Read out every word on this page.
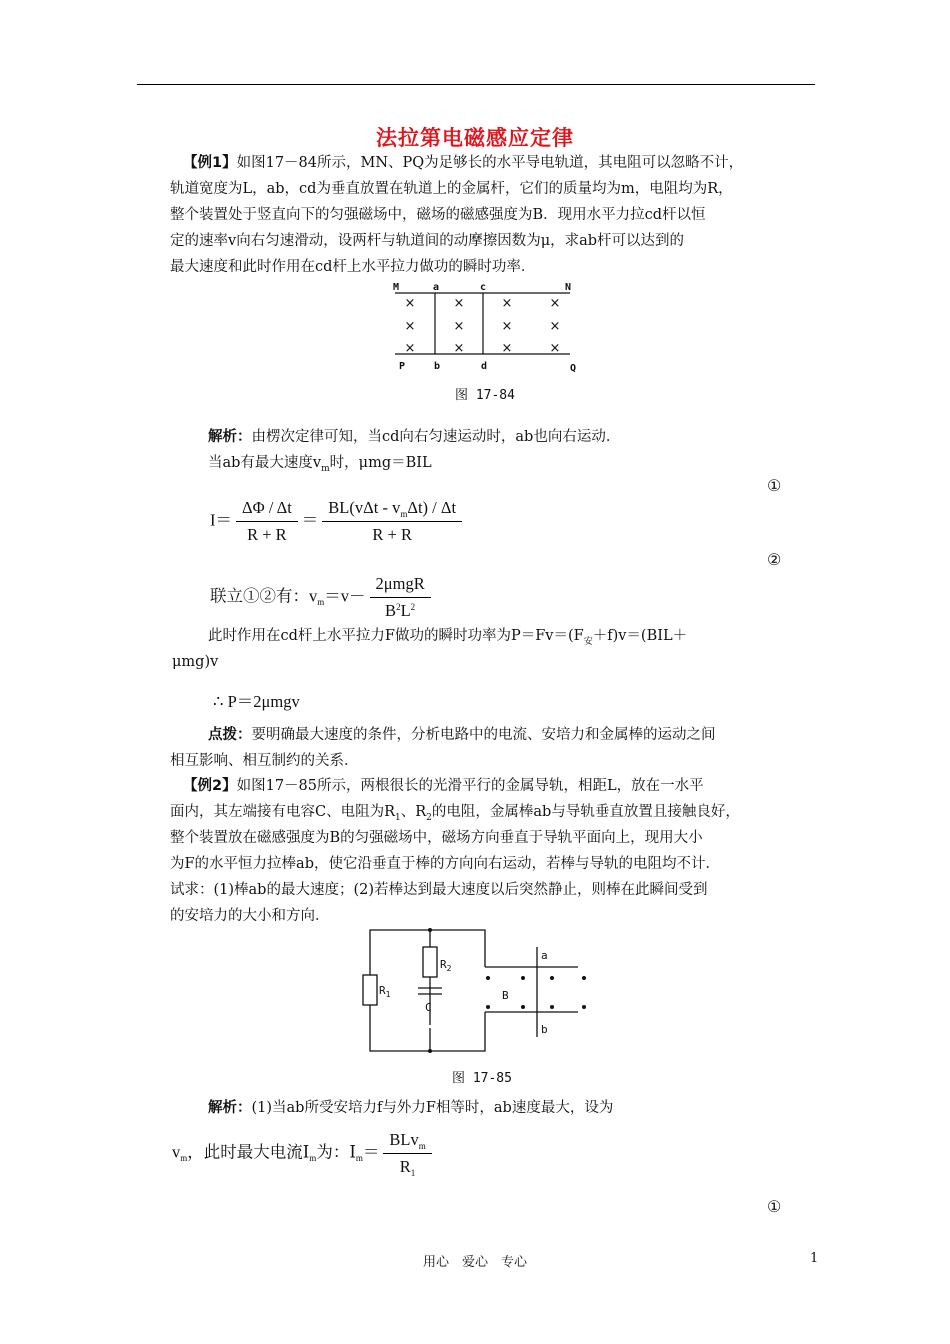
法拉第电磁感应定律
【例1】如图17－84所示，MN、PQ为足够长的水平导电轨道，其电阻可以忽略不计，
轨道宽度为L，ab，cd为垂直放置在轨道上的金属杆，它们的质量均为m，电阻均为R，
整个装置处于竖直向下的匀强磁场中，磁场的磁感强度为B．现用水平力拉cd杆以恒
定的速率v向右匀速滑动，设两杆与轨道间的动摩擦因数为μ，求ab杆可以达到的
最大速度和此时作用在cd杆上水平拉力做功的瞬时功率．
M	a	c	N
P	b	d	Q
×	×	×	×
×	×	×	×
×	×	×	×
图 17-84
解析：由楞次定律可知，当cd向右匀速运动时，ab也向右运动．
当ab有最大速度$v_m$时，μmg＝BIL
①
$I= \frac{\Delta\Phi / \Delta t}{R + R} = \frac{BL(v\Delta t - v_m\Delta t) / \Delta t}{R + R}$
②
联立①②有：$v_m=v- \frac{\text{2μmgR}}{B^2L^2}$
此时作用在cd杆上水平拉力F做功的瞬时功率为$P=Fv=(F_安+f)v=(BIL+$
μmg)v
∴ P＝2μmgv
点拨：要明确最大速度的条件，分析电路中的电流、安培力和金属棒的运动之间
相互影响、相互制约的关系．
【例2】如图17－85所示，两根很长的光滑平行的金属导轨，相距L，放在一水平
面内，其左端接有电容C、电阻为$R_1$、$R_2$的电阻，金属棒ab与导轨垂直放置且接触良好，
整个装置放在磁感强度为B的匀强磁场中，磁场方向垂直于导轨平面向上，现用大小
为F的水平恒力拉棒ab，使它沿垂直于棒的方向向右运动，若棒与导轨的电阻均不计．
试求：(1)棒ab的最大速度；(2)若棒达到最大速度以后突然静止，则棒在此瞬间受到
的安培力的大小和方向．
$R_1$
$R_2$
C
B
a
b
图 17-85
解析：(1)当ab所受安培力f与外力F相等时，ab速度最大，设为
$v_m$，此时最大电流$I_m$为：$I_m= \frac{BLv_m}{R_1}$
①
用心　爱心　专心	1
